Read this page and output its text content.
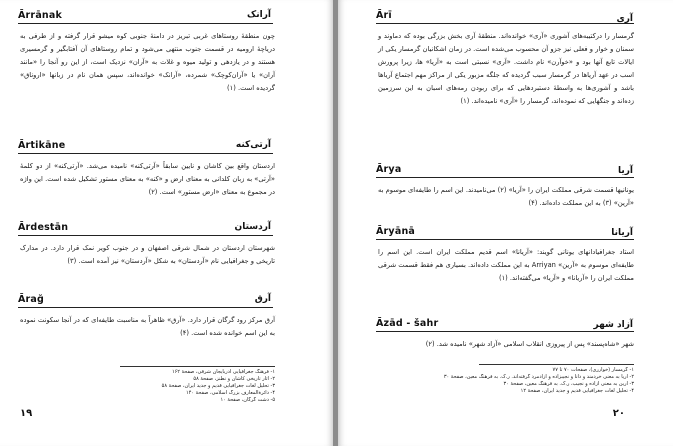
Ārrānak	آرانک
چون منطقهٔ روستاهای غربی تبریز در دامنهٔ جنوبی کوه میشو قرار گرفته و از طرفی به دریاچهٔ ارومیه در قسمت جنوب منتهی می‌شود و تمام روستاهای آن آفتابگیر و گرمسیری هستند و در یازدهی و تولید میوه و غلات به «آران» نزدیک است، از این رو آنجا را «مانند آران» یا «آران‌کوچک» شمرده، «آرانک» خوانده‌اند، سپس همان نام در زبانها «اروناق» گردیده است. (۱)
Ārtikāne	آرتی‌کنه
اردستان واقع بین کاشان و نایین سابقاً «آرتی‌کنه» نامیده می‌شد. «آرتی‌کنه» از دو کلمهٔ «آرتی» به زبان کلدانی به معنای ارض و «کنه» به معنای مستور تشکیل شده است. این واژه در مجموع به معنای «ارض مستور» است. (۲)
Ārdestān	آردستان
شهرستان اردستان در شمال شرقی اصفهان و در جنوب کویر نمک قرار دارد. در مدارک تاریخی و جغرافیایی نام «آردستان» به شکل «آردستان» نیز آمده است. (۳)
Ārağ	آرق
آرق مرکز رود گرگان قرار دارد. «آرق» ظاهراً به مناسبت طایفه‌ای که در آنجا سکونت نموده به این اسم خوانده شده است. (۴)
۱- فرهنگ جغرافیایی آذربایجان شرقی، صفحهٔ ۱۶۲
۲- آثار تاریخی کاشان و نطنز، صفحهٔ ۵۸
۳- تحلیل لغات جغرافیایی قدیم و جدید ایران، صفحهٔ ۵۸
۴- دائرةالمعارف بزرگ اسلامی، صفحهٔ ۱۴۰
۵- دشت گرگان، صفحهٔ ۱۰
۱۹
Ārī	آری
گرمسار را درکتیبه‌های آشوری «آری» خوانده‌اند. منطقهٔ آری بخش بزرگی بوده که دماوند و سمنان و خوار و فعلی نیز جزو آن محسوب می‌شده است. در زمان اشکانیان گرمسار یکی از ایالات تابع آنها بود و «خوآرن» نام داشت. «آری» نسبتی است به «آریا» ها، زیرا پرورش اسب در عهد آریاها در گرمسار سبب گردیده که جلگه مزبور یکی از مراکز مهم اجتماع آریاها باشد و آشوری‌ها به واسطهٔ دستبردهایی که برای ربودن رمه‌های اسبان به این سرزمین زده‌اند و جنگهایی که نموده‌اند، گرمسار را «آری» نامیده‌اند. (۱)
Ārya	آریا
یونانیها قسمت شرقی مملکت ایران را «آریا» (۲) می‌نامیدند. این اسم را طایفه‌ای موسوم به «آرین» (۳) به این مملکت داده‌اند. (۴)
Āryānā	آریانا
استاد جغرافیادانهای یونانی گویند: «آریانا» اسم قدیم مملکت ایران است. این اسم را طایفه‌ای موسوم به «آرین» Arriyan به این مملکت داده‌اند. بسیاری هم فقط قسمت شرقی مملکت ایران را «آریانا» و «آریا» می‌گفته‌اند. (۱)
Āzād - šahr	آزاد شهر
شهر «شاه‌پسند» پس از پیروزی انقلاب اسلامی «آزاد شهر» نامیده شد. (۲)
۱- گرمسار (خوارری)، صفحات ۷۰ تا ۷۷
۲- آریا به معنی خردمند و دانا و نجیبزاده و آزادمرد گرفته‌اند. ر.ک. به فرهنگ معین، صفحهٔ ۳۰
۳- آرین به معنی آزاده و نجیب، ر.ک. به فرهنگ معین، صفحهٔ ۳۰
۴- تحلیل لغات جغرافیایی قدیم و جدید ایران، صفحهٔ ۱۲
۲۰
